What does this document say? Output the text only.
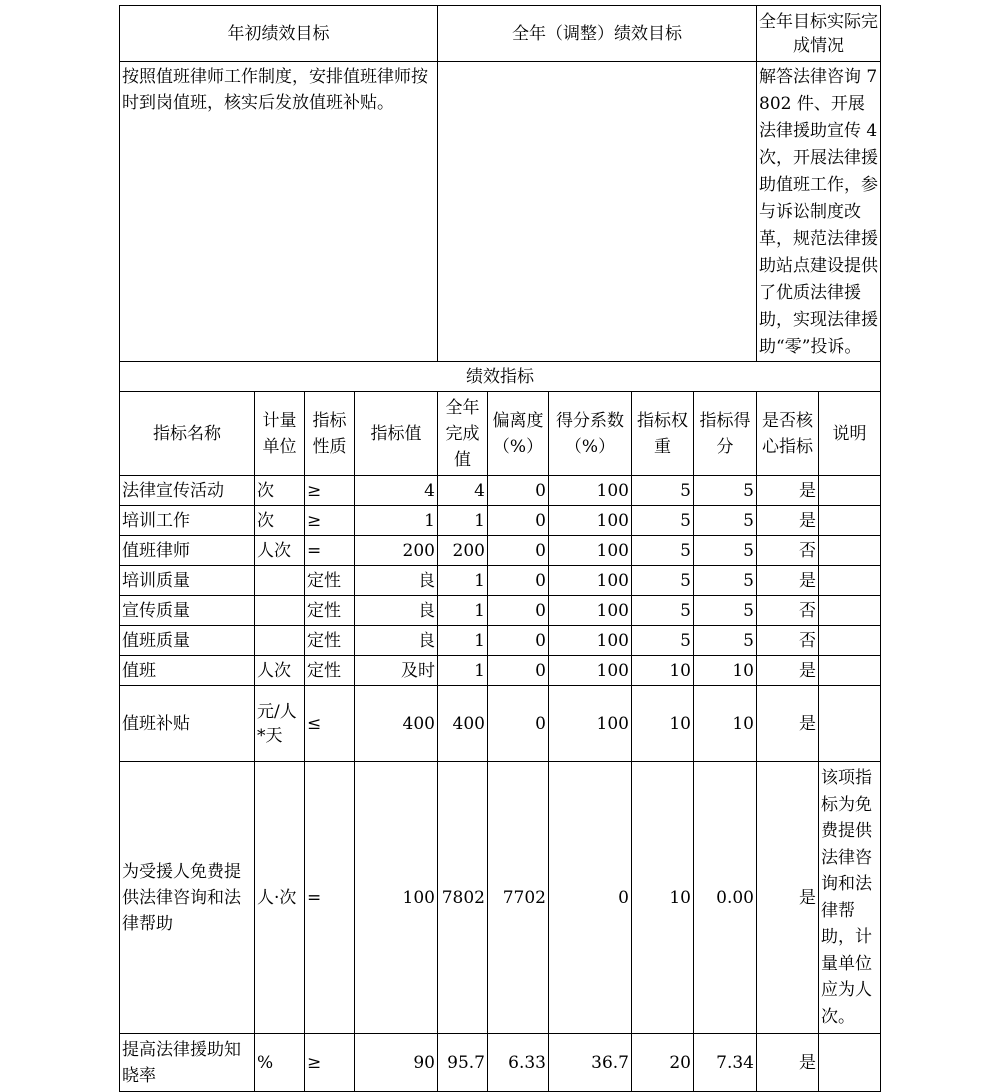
年初绩效目标				全年（调整）绩效目标					全年目标实际完成情况	
按照值班律师工作制度，安排值班律师按时到岗值班，核实后发放值班补贴。									解答法律咨询 7802 件、开展法律援助宣传 4 次，开展法律援助值班工作，参与诉讼制度改革，规范法律援助站点建设提供了优质法律援助，实现法律援助“零”投诉。	
绩效指标										
指标名称	计量单位	指标性质	指标值	全年完成值	偏离度（%）	得分系数（%）	指标权重	指标得分	是否核心指标	说明
法律宣传活动	次	≥	4	4	0	100	5	5	是	
培训工作	次	≥	1	1	0	100	5	5	是	
值班律师	人次	=	200	200	0	100	5	5	否	
培训质量		定性	良	1	0	100	5	5	是	
宣传质量		定性	良	1	0	100	5	5	否	
值班质量		定性	良	1	0	100	5	5	否	
值班	人次	定性	及时	1	0	100	10	10	是	
值班补贴	元/人*天	≤	400	400	0	100	10	10	是	
为受援人免费提供法律咨询和法律帮助	人·次	=	100	7802	7702	0	10	0.00	是	该项指标为免费提供法律咨询和法律帮助，计量单位应为人次。
提高法律援助知晓率	%	≥	90	95.7	6.33	36.7	20	7.34	是	
